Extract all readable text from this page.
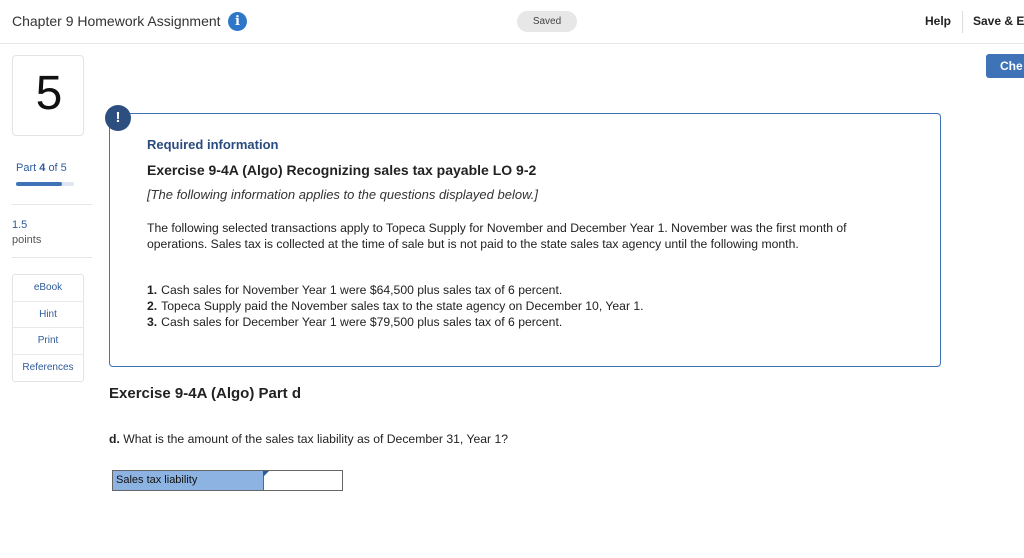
Chapter 9 Homework Assignment	i	Saved	Help Save & E
Che
5
Part 4 of 5
1.5
points
eBook
Hint
Print
References
Required information
Exercise 9-4A (Algo) Recognizing sales tax payable LO 9-2
[The following information applies to the questions displayed below.]
The following selected transactions apply to Topeca Supply for November and December Year 1. November was the first month of operations. Sales tax is collected at the time of sale but is not paid to the state sales tax agency until the following month.
1. Cash sales for November Year 1 were $64,500 plus sales tax of 6 percent.
2. Topeca Supply paid the November sales tax to the state agency on December 10, Year 1.
3. Cash sales for December Year 1 were $79,500 plus sales tax of 6 percent.
!
Exercise 9-4A (Algo) Part d
d. What is the amount of the sales tax liability as of December 31, Year 1?
Sales tax liability
